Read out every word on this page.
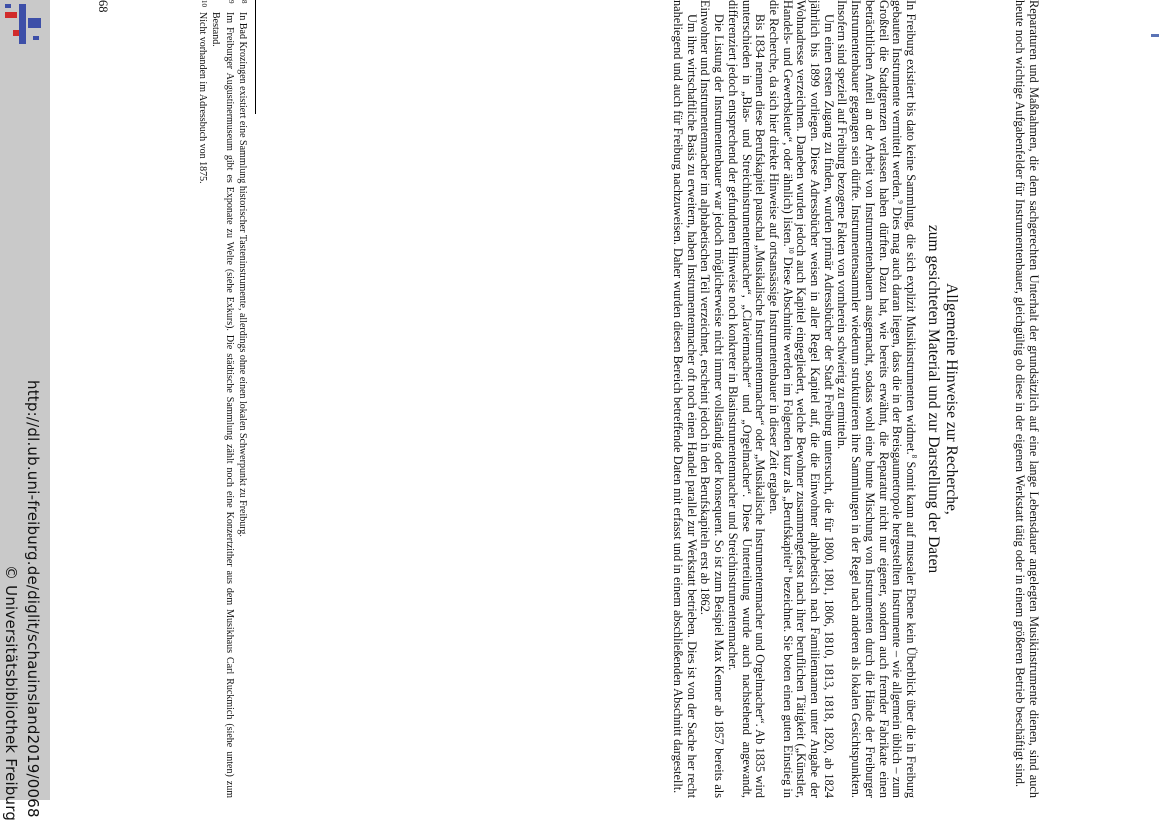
http://dl.ub.uni-freiburg.de/diglit/schauinsland2019/0068
© Universitätsbibliothek Freiburg	Reparaturen und Maßnahmen, die dem sachgerechten Unterhalt der grundsätzlich auf eine lange Lebensdauer angelegten Musikinstrumente dienen, sind auch heute noch wichtige Aufgabenfelder für Instrumentenbauer, gleichgültig ob diese in der eigenen Werkstatt tätig oder in einem größeren Betrieb beschäftigt sind.

Allgemeine Hinweise zur Recherche,
zum gesichteten Material und zur Darstellung der Daten

In Freiburg existiert bis dato keine Sammlung, die sich explizit Musikinstrumenten widmet.$^8$ Somit kann auf musealer Ebene kein Überblick über die in Freiburg gebauten Instrumente vermittelt werden.$^9$ Dies mag auch daran liegen, dass die in der Breisgaumetropole hergestellten Instrumente – wie allgemein üblich – zum Großteil die Stadtgrenzen verlassen haben dürften. Dazu hat, wie bereits erwähnt, die Reparatur nicht nur eigener, sondern auch fremder Fabrikate einen beträchtlichen Anteil an der Arbeit von Instrumentenbauern ausgemacht, sodass wohl eine bunte Mischung von Instrumenten durch die Hände der Freiburger Instrumentenbauer gegangen sein dürfte. Instrumentensammler wiederum strukturieren ihre Sammlungen in der Regel nach anderen als lokalen Gesichtspunkten. Insofern sind speziell auf Freiburg bezogene Fakten von vornherein schwierig zu ermitteln.

Um einen ersten Zugang zu finden, wurden primär Adressbücher der Stadt Freiburg untersucht, die für 1800, 1801, 1806, 1810, 1813, 1818, 1820, ab 1824 jährlich bis 1899 vorliegen. Diese Adressbücher weisen in aller Regel Kapitel auf, die die Einwohner alphabetisch nach Familiennamen unter Angabe der Wohnadresse verzeichnen. Daneben wurden jedoch auch Kapitel eingegliedert, welche Bewohner zusammengefasst nach ihrer beruflichen Tätigkeit („Künstler, Handels- und Gewerbsleute“, oder ähnlich) listen.$^{10}$ Diese Abschnitte werden im Folgenden kurz als „Berufskapitel“ bezeichnet. Sie boten einen guten Einstieg in die Recherche, da sich hier direkte Hinweise auf ortsansässige Instrumentenbauer in dieser Zeit ergaben.

Bis 1834 nennen diese Berufskapitel pauschal „Musikalische Instrumentenmacher“ oder „Musikalische Instrumentenmacher und Orgelmacher“. Ab 1835 wird unterschieden in „Blas- und Streichinstrumentenmacher“, „Claviermacher“ und „Orgelmacher“. Diese Unterteilung wurde auch nachstehend angewandt, differenziert jedoch entsprechend der gefundenen Hinweise noch konkreter in Blasinstrumentenmacher und Streichinstrumentenmacher.

Die Listung der Instrumentenbauer war jedoch möglicherweise nicht immer vollständig oder konsequent. So ist zum Beispiel Max Kenner ab 1857 bereits als Einwohner und Instrumentenmacher im alphabetischen Teil verzeichnet, erscheint jedoch in den Berufskapiteln erst ab 1862.

Um ihre wirtschaftliche Basis zu erweitern, haben Instrumentenmacher oft noch einen Handel parallel zur Werkstatt betrieben. Dies ist von der Sache her recht naheliegend und auch für Freiburg nachzuweisen. Daher wurden diesen Bereich betreffende Daten mit erfasst und in einem abschließenden Abschnitt dargestellt.

8
In Bad Krozingen existiert eine Sammlung historischer Tasteninstrumente, allerdings ohne einen lokalen Schwerpunkt zu Freiburg.
9
Im Freiburger Augustinermuseum gibt es Exponate zu Welte (siehe Exkurs). Die städtische Sammlung zählt noch eine Konzertzither aus dem Musikhaus Carl Ruckmich (siehe unten) zum Bestand.
10
Nicht vorhanden im Adressbuch von 1875.
68
